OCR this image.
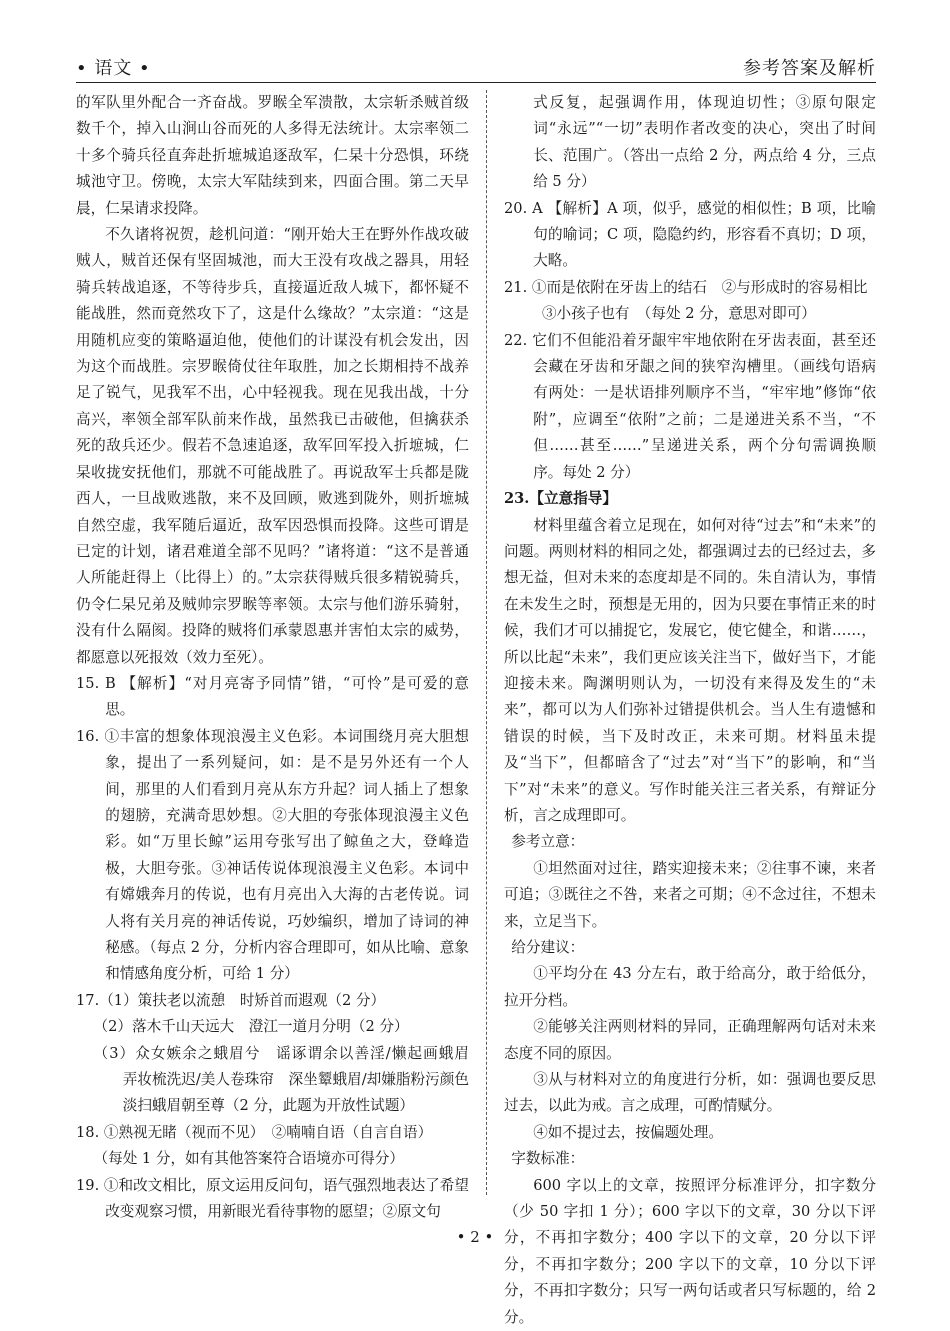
• 语文 •	参考答案及解析

的军队里外配合一齐奋战。罗睺全军溃散，太宗斩杀贼首级数千个，掉入山涧山谷而死的人多得无法统计。太宗率领二十多个骑兵径直奔赴折墌城追逐敌军，仁杲十分恐惧，环绕城池守卫。傍晚，太宗大军陆续到来，四面合围。第二天早晨，仁杲请求投降。

不久诸将祝贺，趁机问道：“刚开始大王在野外作战攻破贼人，贼首还保有坚固城池，而大王没有攻战之器具，用轻骑兵转战追逐，不等待步兵，直接逼近敌人城下，都怀疑不能战胜，然而竟然攻下了，这是什么缘故？”太宗道：“这是用随机应变的策略逼迫他，使他们的计谋没有机会发出，因为这个而战胜。宗罗睺倚仗往年取胜，加之长期相持不战养足了锐气，见我军不出，心中轻视我。现在见我出战，十分高兴，率领全部军队前来作战，虽然我已击破他，但擒获杀死的敌兵还少。假若不急速追逐，敌军回军投入折墌城，仁杲收拢安抚他们，那就不可能战胜了。再说敌军士兵都是陇西人，一旦战败逃散，来不及回顾，败逃到陇外，则折墌城自然空虚，我军随后逼近，敌军因恐惧而投降。这些可谓是已定的计划，诸君难道全部不见吗？”诸将道：“这不是普通人所能赶得上（比得上）的。”太宗获得贼兵很多精锐骑兵，仍令仁杲兄弟及贼帅宗罗睺等率领。太宗与他们游乐骑射，没有什么隔阂。投降的贼将们承蒙恩惠并害怕太宗的威势，都愿意以死报效（效力至死）。

15. B 【解析】“对月亮寄予同情”错，“可怜”是可爱的意思。

16. ①丰富的想象体现浪漫主义色彩。本词围绕月亮大胆想象，提出了一系列疑问，如：是不是另外还有一个人间，那里的人们看到月亮从东方升起？词人插上了想象的翅膀，充满奇思妙想。②大胆的夸张体现浪漫主义色彩。如“万里长鲸”运用夸张写出了鲸鱼之大，登峰造极，大胆夸张。③神话传说体现浪漫主义色彩。本词中有嫦娥奔月的传说，也有月亮出入大海的古老传说。词人将有关月亮的神话传说，巧妙编织，增加了诗词的神秘感。（每点 2 分，分析内容合理即可，如从比喻、意象和情感角度分析，可给 1 分）

17.（1）策扶老以流憩　时矫首而遐观（2 分）

（2）落木千山天远大　澄江一道月分明（2 分）

（3）众女嫉余之蛾眉兮　谣诼谓余以善淫/懒起画蛾眉　弄妆梳洗迟/美人卷珠帘　深坐颦蛾眉/却嫌脂粉污颜色　淡扫蛾眉朝至尊（2 分，此题为开放性试题）

18. ①熟视无睹（视而不见）　②喃喃自语（自言自语）

（每处 1 分，如有其他答案符合语境亦可得分）

19. ①和改文相比，原文运用反问句，语气强烈地表达了希望改变观察习惯，用新眼光看待事物的愿望；②原文句

式反复，起强调作用，体现迫切性；③原句限定词“永远”“一切”表明作者改变的决心，突出了时间长、范围广。（答出一点给 2 分，两点给 4 分，三点给 5 分）

20. A 【解析】A 项，似乎，感觉的相似性；B 项，比喻句的喻词；C 项，隐隐约约，形容看不真切；D 项，大略。

21. ①而是依附在牙齿上的结石　②与形成时的容易相比

③小孩子也有　（每处 2 分，意思对即可）

22. 它们不但能沿着牙龈牢牢地依附在牙齿表面，甚至还会藏在牙齿和牙龈之间的狭窄沟槽里。（画线句语病有两处：一是状语排列顺序不当，“牢牢地”修饰“依附”，应调至“依附”之前；二是递进关系不当，“不但……甚至……”呈递进关系，两个分句需调换顺序。每处 2 分）

23.【立意指导】

材料里蕴含着立足现在，如何对待“过去”和“未来”的问题。两则材料的相同之处，都强调过去的已经过去，多想无益，但对未来的态度却是不同的。朱自清认为，事情在未发生之时，预想是无用的，因为只要在事情正来的时候，我们才可以捕捉它，发展它，使它健全，和谐……，所以比起“未来”，我们更应该关注当下，做好当下，才能迎接未来。陶渊明则认为，一切没有来得及发生的“未来”，都可以为人们弥补过错提供机会。当人生有遗憾和错误的时候，当下及时改正，未来可期。材料虽未提及“当下”，但都暗含了“过去”对“当下”的影响，和“当下”对“未来”的意义。写作时能关注三者关系，有辩证分析，言之成理即可。

参考立意：

①坦然面对过往，踏实迎接未来；②往事不谏，来者可追；③既往之不咎，来者之可期；④不念过往，不想未来，立足当下。

给分建议：

①平均分在 43 分左右，敢于给高分，敢于给低分，拉开分档。

②能够关注两则材料的异同，正确理解两句话对未来态度不同的原因。

③从与材料对立的角度进行分析，如：强调也要反思过去，以此为戒。言之成理，可酌情赋分。

④如不提过去，按偏题处理。

字数标准：

600 字以上的文章，按照评分标准评分，扣字数分（少 50 字扣 1 分）；600 字以下的文章，30 分以下评分，不再扣字数分；400 字以下的文章，20 分以下评分，不再扣字数分；200 字以下的文章，10 分以下评分，不再扣字数分；只写一两句话或者只写标题的，给 2 分。

• 2 •
